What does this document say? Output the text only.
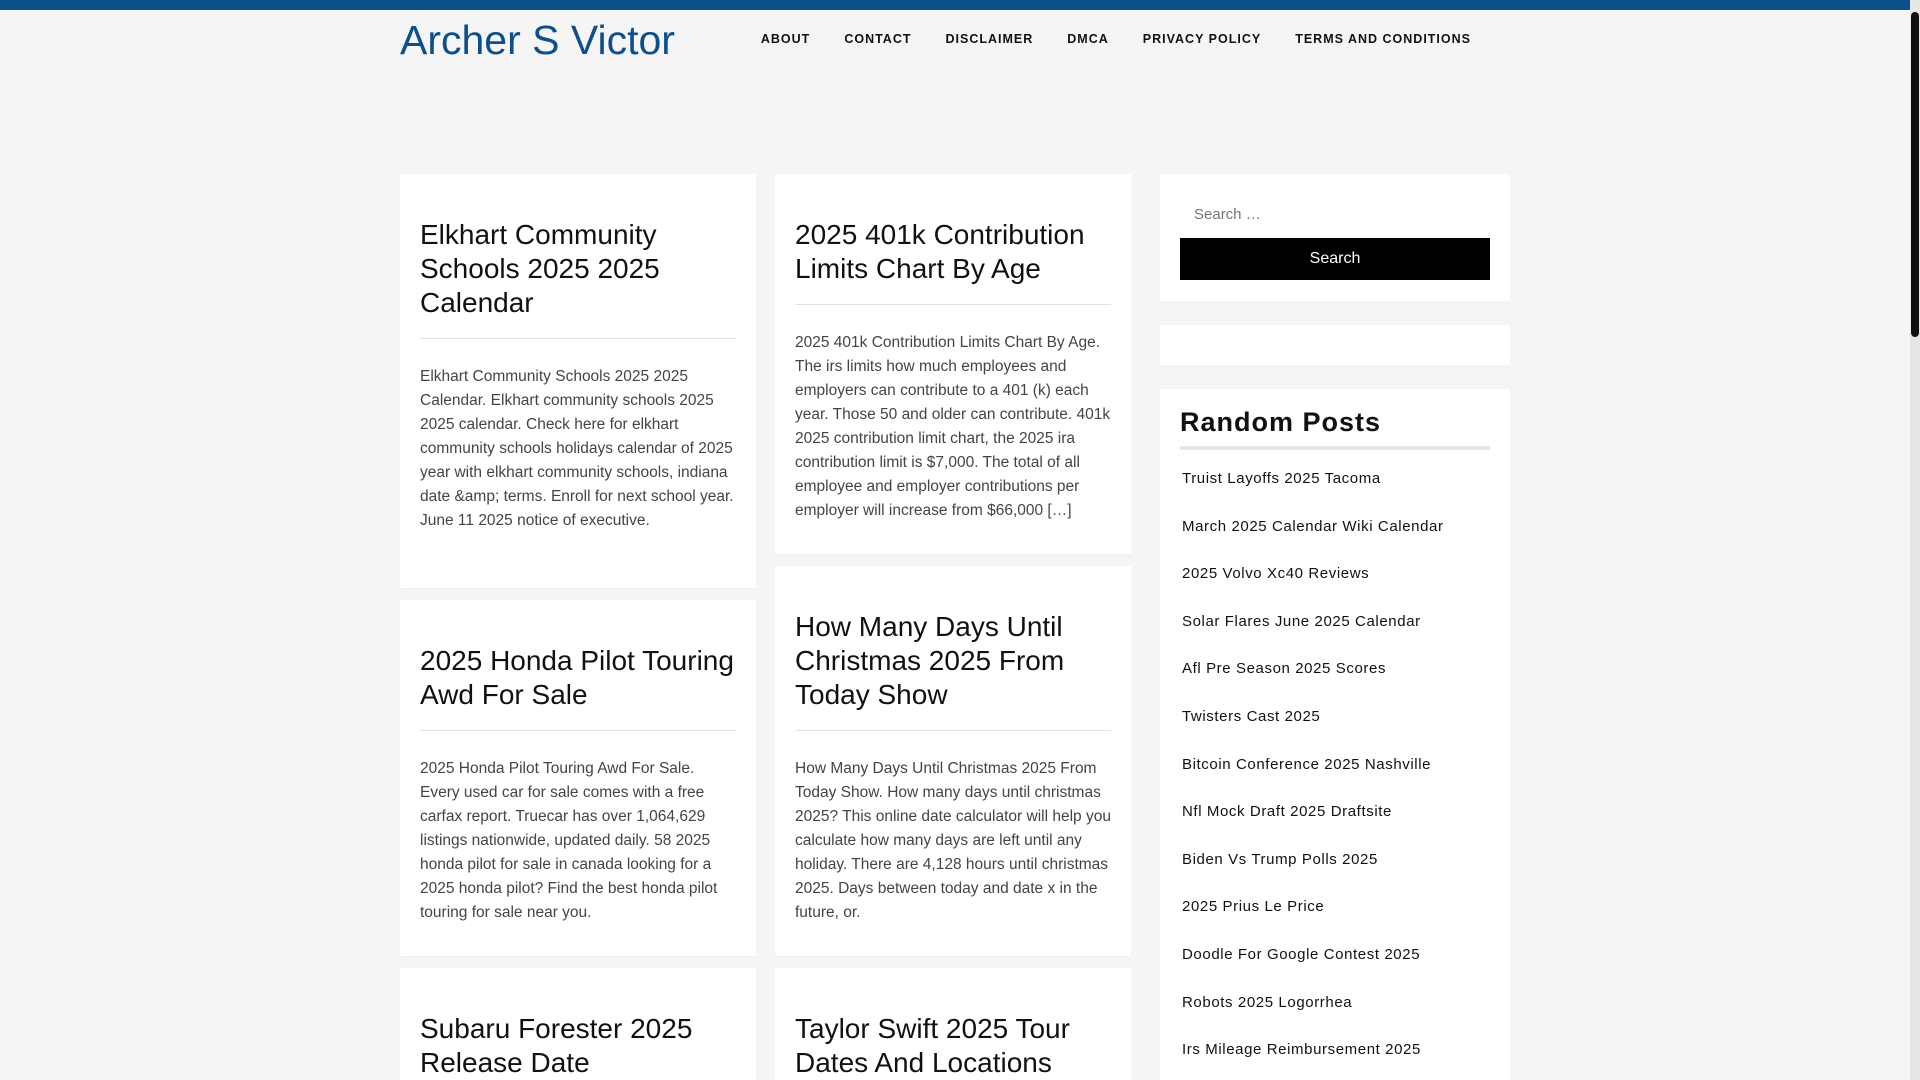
Archer S Victor	ABOUT	CONTACT	DISCLAIMER	DMCA	PRIVACY POLICY	TERMS AND CONDITIONS
Elkhart Community Schools 2025 2025 Calendar

Elkhart Community Schools 2025 2025 Calendar. Elkhart community schools 2025 2025 calendar. Check here for elkhart community schools holidays calendar of 2025 year with elkhart community schools, indiana date &amp; terms. Enroll for next school year. June 11 2025 notice of executive.

2025 Honda Pilot Touring Awd For Sale

2025 Honda Pilot Touring Awd For Sale. Every used car for sale comes with a free carfax report. Truecar has over 1,064,629 listings nationwide, updated daily. 58 2025 honda pilot for sale in canada looking for a 2025 honda pilot? Find the best honda pilot touring for sale near you.

Subaru Forester 2025 Release Date
2025 401k Contribution Limits Chart By Age

2025 401k Contribution Limits Chart By Age. The irs limits how much employees and employers can contribute to a 401 (k) each year. Those 50 and older can contribute. 401k 2025 contribution limit chart, the 2025 ira contribution limit is $7,000. The total of all employee and employer contributions per employer will increase from $66,000 […]

How Many Days Until Christmas 2025 From Today Show

How Many Days Until Christmas 2025 From Today Show. How many days until christmas 2025? This online date calculator will help you calculate how many days are left until any holiday. There are 4,128 hours until christmas 2025. Days between today and date x in the future, or.

Taylor Swift 2025 Tour Dates And Locations
Search … Search
Random Posts
Truist Layoffs 2025 Tacoma
March 2025 Calendar Wiki Calendar
2025 Volvo Xc40 Reviews
Solar Flares June 2025 Calendar
Afl Pre Season 2025 Scores
Twisters Cast 2025
Bitcoin Conference 2025 Nashville
Nfl Mock Draft 2025 Draftsite
Biden Vs Trump Polls 2025
2025 Prius Le Price
Doodle For Google Contest 2025
Robots 2025 Logorrhea
Irs Mileage Reimbursement 2025
